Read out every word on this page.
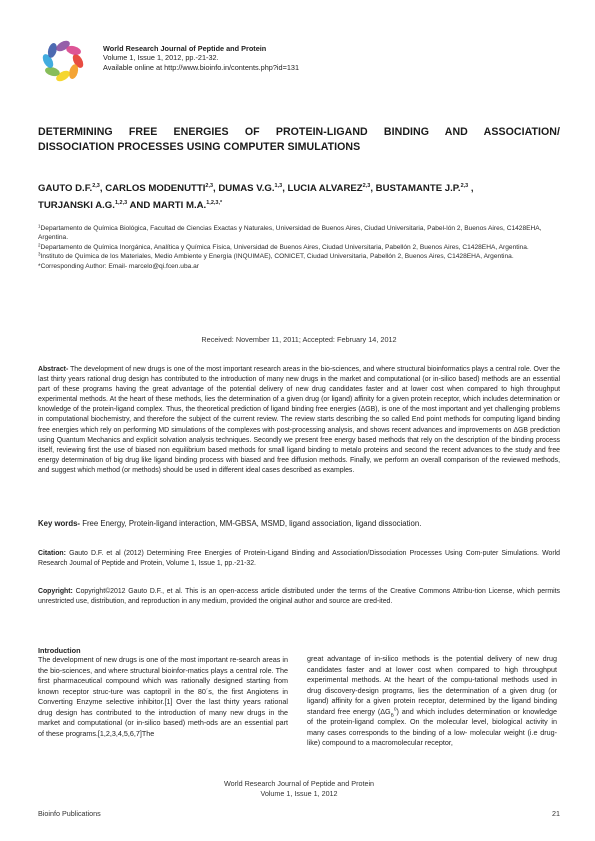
World Research Journal of Peptide and Protein
Volume 1, Issue 1, 2012, pp.-21-32.
Available online at http://www.bioinfo.in/contents.php?id=131
DETERMINING FREE ENERGIES OF PROTEIN-LIGAND BINDING AND ASSOCIATION/
DISSOCIATION PROCESSES USING COMPUTER SIMULATIONS
GAUTO D.F.$^{2,3}$, CARLOS MODENUTTI$^{2,3}$, DUMAS V.G.$^{1,3}$, LUCIA ALVAREZ$^{2,3}$, BUSTAMANTE J.P.$^{2,3}$ ,
TURJANSKI A.G.$^{1,2,3}$ AND MARTI M.A.$^{1,2,3,*}$

$^1$Departamento de Química Biológica, Facultad de Ciencias Exactas y Naturales, Universidad de Buenos Aires, Ciudad Universitaria, Pabel-lón 2, Buenos Aires, C1428EHA, Argentina.

$^2$Departamento de Química Inorgánica, Analítica y Química Física, Universidad de Buenos Aires, Ciudad Universitaria, Pabellón 2, Buenos Aires, C1428EHA, Argentina.

$^3$Instituto de Química de los Materiales, Medio Ambiente y Energía (INQUIMAE), CONICET, Ciudad Universitaria, Pabellón 2, Buenos Aires, C1428EHA, Argentina.

*Corresponding Author: Email- marcelo@qi.fcen.uba.ar

Received: November 11, 2011; Accepted: February 14, 2012
Abstract- The development of new drugs is one of the most important research areas in the bio-sciences, and where structural bioinformatics plays a central role. Over the last thirty years rational drug design has contributed to the introduction of many new drugs in the market and computational (or in-silico based) methods are an essential part of these programs having the great advantage of the potential delivery of new drug candidates faster and at lower cost when compared to high throughput experimental methods. At the heart of these methods, lies the determination of a given drug (or ligand) affinity for a given protein receptor, which includes determination or knowledge of the protein-ligand complex. Thus, the theoretical prediction of ligand binding free energies (ΔGB), is one of the most important and yet challenging problems in computational biochemistry, and therefore the subject of the current review. The review starts describing the so called End point methods for computing ligand binding free energies which rely on performing MD simulations of the complexes with post-processing analysis, and shows recent advances and improvements on ΔGB prediction using Quantum Mechanics and explicit solvation analysis techniques. Secondly we present free energy based methods that rely on the description of the binding process itself, reviewing first the use of biased non equilibrium based methods for small ligand binding to metalo proteins and second the recent advances to the study and free energy determination of big drug like ligand binding process with biased and free diffusion methods. Finally, we perform an overall comparison of the reviewed methods, and suggest which method (or methods) should be used in different ideal cases described as examples.
Key words- Free Energy, Protein-ligand interaction, MM-GBSA, MSMD, ligand association, ligand dissociation.
Citation: Gauto D.F. et al (2012) Determining Free Energies of Protein-Ligand Binding and Association/Dissociation Processes Using Com-puter Simulations. World Research Journal of Peptide and Protein, Volume 1, Issue 1, pp.-21-32.
Copyright: Copyright©2012 Gauto D.F., et al. This is an open-access article distributed under the terms of the Creative Commons Attribu-tion License, which permits unrestricted use, distribution, and reproduction in any medium, provided the original author and source are cred-ited.
Introduction
The development of new drugs is one of the most important re-search areas in the bio-sciences, and where structural bioinfor-matics plays a central role. The first pharmaceutical compound which was rationally designed starting from known receptor struc-ture was captopril in the 80´s, the first Angiotens in Converting Enzyme selective inhibitor.[1] Over the last thirty years rational drug design has contributed to the introduction of many new drugs in the market and computational (or in-silico based) meth-ods are an essential part of these programs.[1,2,3,4,5,6,7]The
great advantage of in-silico methods is the potential delivery of new drug candidates faster and at lower cost when compared to high throughput experimental methods. At the heart of the compu-tational methods used in drug discovery-design programs, lies the determination of a given drug (or ligand) affinity for a given protein receptor, determined by the ligand binding standard free energy $(\Delta G_B^0)$ and which includes determination or knowledge of the protein-ligand complex. On the molecular level, biological activity in many cases corresponds to the binding of a low- molecular weight (i.e drug-like) compound to a macromolecular receptor,
World Research Journal of Peptide and Protein
Volume 1, Issue 1, 2012
Bioinfo Publications	21
